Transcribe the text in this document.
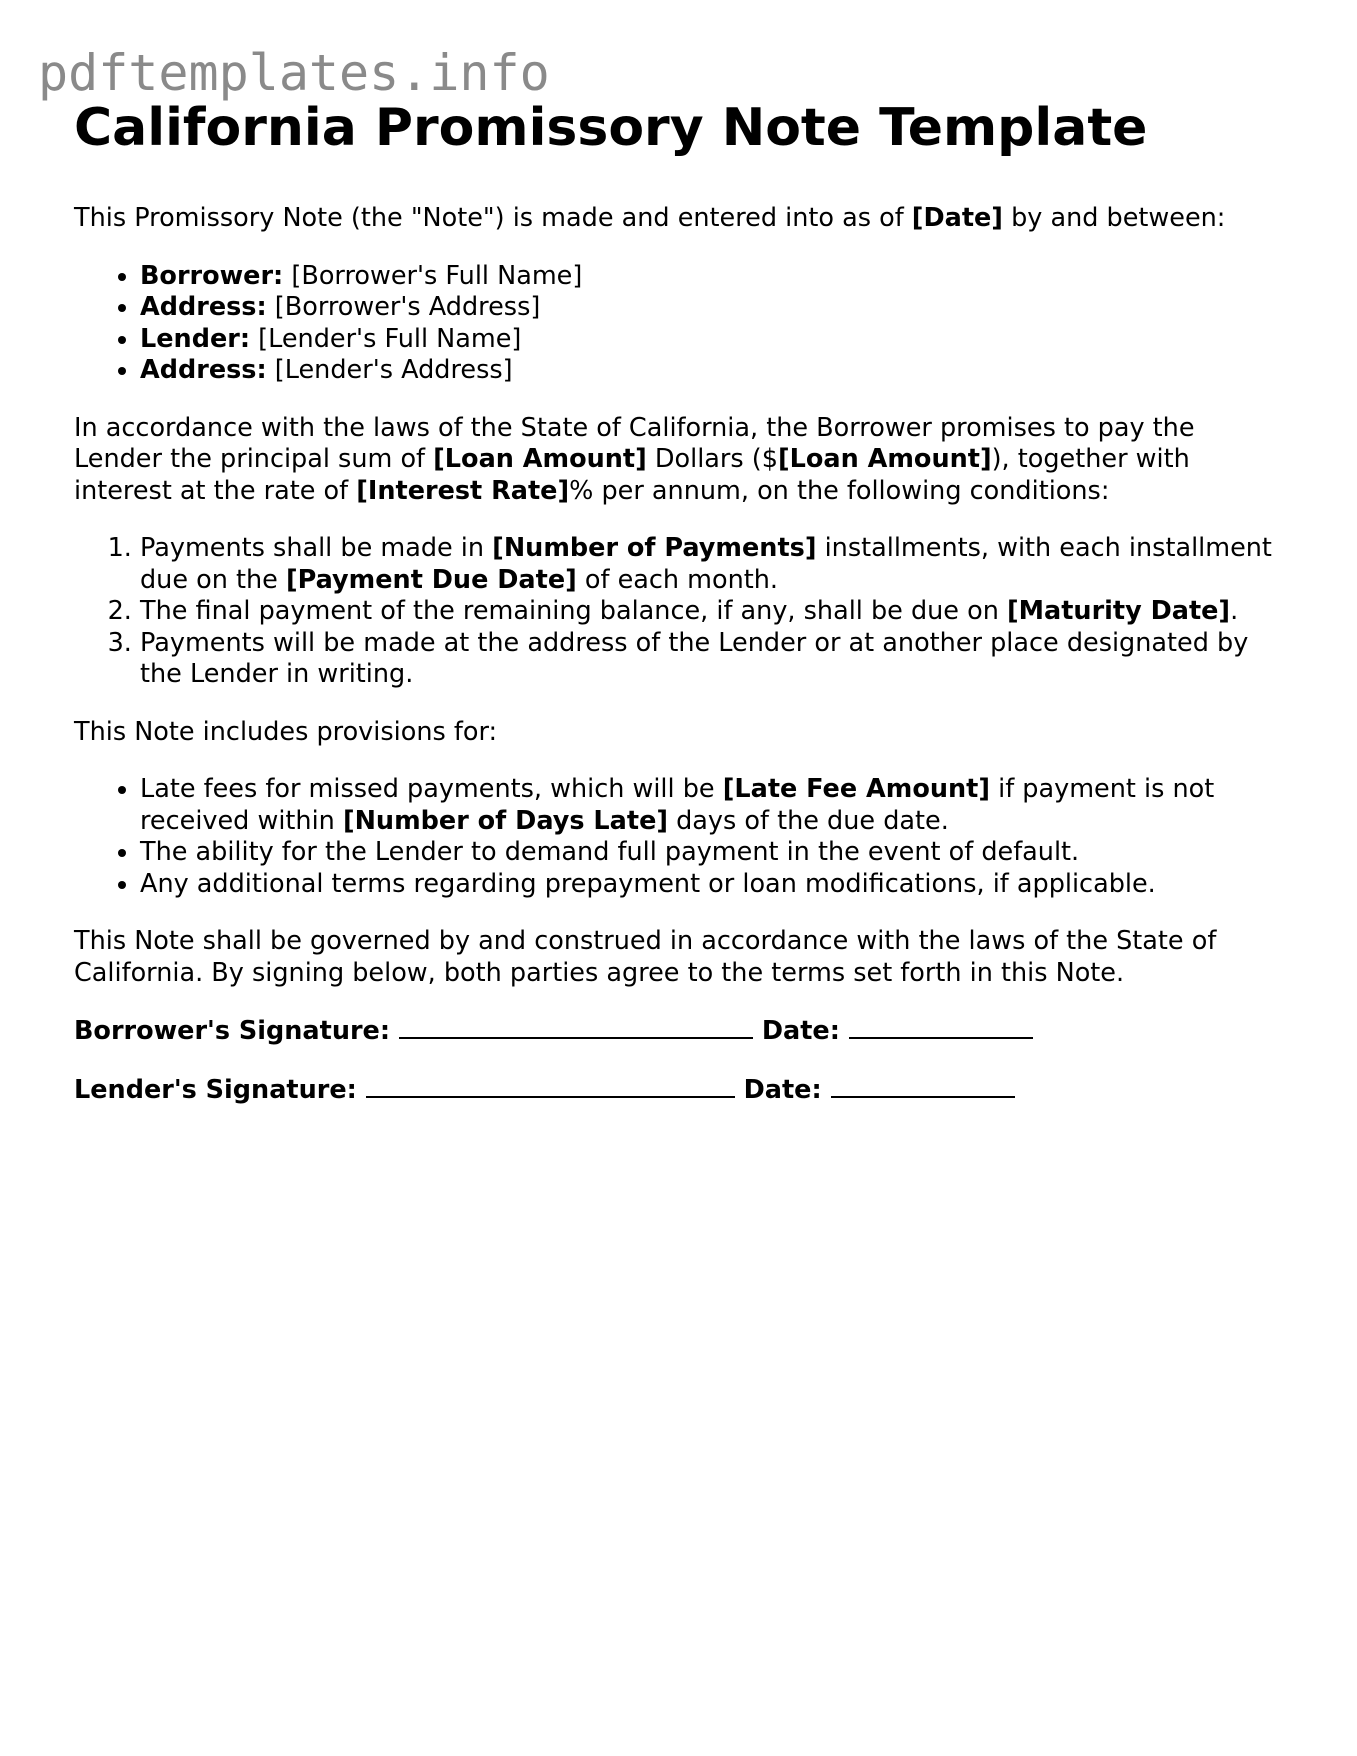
pdftemplates.info
California Promissory Note Template

This Promissory Note (the "Note") is made and entered into as of [Date] by and between:

• Borrower: [Borrower's Full Name]
• Address: [Borrower's Address]
• Lender: [Lender's Full Name]
• Address: [Lender's Address]

In accordance with the laws of the State of California, the Borrower promises to pay the Lender the principal sum of [Loan Amount] Dollars ($[Loan Amount]), together with interest at the rate of [Interest Rate]% per annum, on the following conditions:

1. Payments shall be made in [Number of Payments] installments, with each installment due on the [Payment Due Date] of each month.
2. The final payment of the remaining balance, if any, shall be due on [Maturity Date].
3. Payments will be made at the address of the Lender or at another place designated by the Lender in writing.

This Note includes provisions for:

• Late fees for missed payments, which will be [Late Fee Amount] if payment is not received within [Number of Days Late] days of the due date.
• The ability for the Lender to demand full payment in the event of default.
• Any additional terms regarding prepayment or loan modifications, if applicable.

This Note shall be governed by and construed in accordance with the laws of the State of California. By signing below, both parties agree to the terms set forth in this Note.

Borrower's Signature:	Date:
Lender's Signature:	Date:
